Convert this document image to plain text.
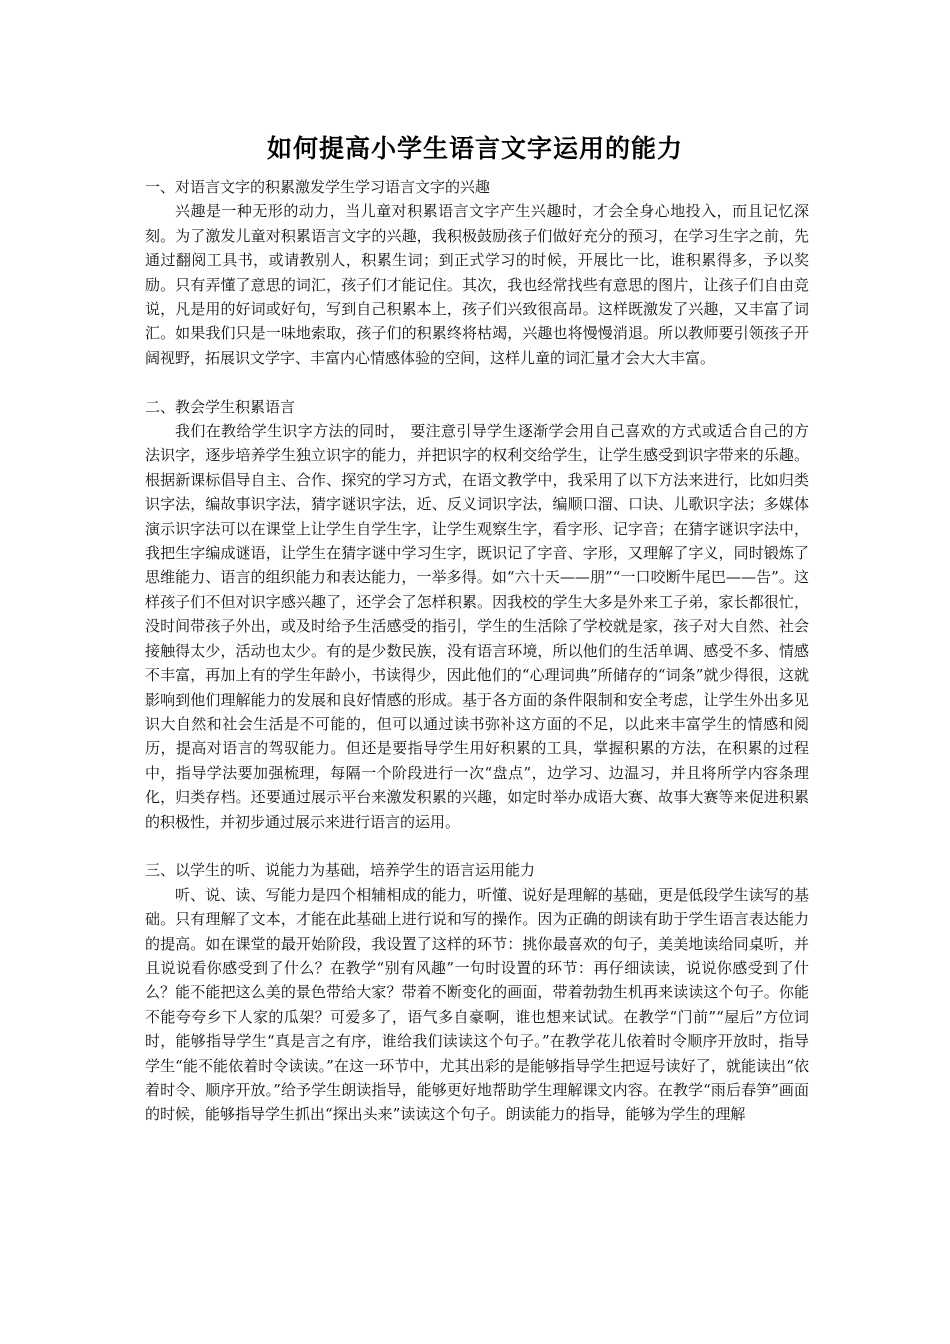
如何提高小学生语言文字运用的能力

一、对语言文字的积累激发学生学习语言文字的兴趣

兴趣是一种无形的动力，当儿童对积累语言文字产生兴趣时，才会全身心地投入，而且记忆深刻。为了激发儿童对积累语言文字的兴趣，我积极鼓励孩子们做好充分的预习，在学习生字之前，先通过翻阅工具书，或请教别人，积累生词；到正式学习的时候，开展比一比，谁积累得多，予以奖励。只有弄懂了意思的词汇，孩子们才能记住。其次，我也经常找些有意思的图片，让孩子们自由竞说，凡是用的好词或好句，写到自己积累本上，孩子们兴致很高昂。这样既激发了兴趣，又丰富了词汇。如果我们只是一味地索取，孩子们的积累终将枯竭，兴趣也将慢慢消退。所以教师要引领孩子开阔视野，拓展识文学字、丰富内心情感体验的空间，这样儿童的词汇量才会大大丰富。

二、教会学生积累语言

我们在教给学生识字方法的同时， 要注意引导学生逐渐学会用自己喜欢的方式或适合自己的方法识字，逐步培养学生独立识字的能力，并把识字的权利交给学生，让学生感受到识字带来的乐趣。根据新课标倡导自主、合作、探究的学习方式，在语文教学中，我采用了以下方法来进行，比如归类识字法，编故事识字法，猜字谜识字法，近、反义词识字法，编顺口溜、口诀、儿歌识字法；多媒体演示识字法可以在课堂上让学生自学生字，让学生观察生字，看字形、记字音；在猜字谜识字法中，我把生字编成谜语，让学生在猜字谜中学习生字，既识记了字音、字形，又理解了字义，同时锻炼了思维能力、语言的组织能力和表达能力，一举多得。如“六十天——朋”“一口咬断牛尾巴——告”。这样孩子们不但对识字感兴趣了，还学会了怎样积累。因我校的学生大多是外来工子弟，家长都很忙，没时间带孩子外出，或及时给予生活感受的指引，学生的生活除了学校就是家，孩子对大自然、社会接触得太少，活动也太少。有的是少数民族，没有语言环境，所以他们的生活单调、感受不多、情感不丰富，再加上有的学生年龄小，书读得少，因此他们的“心理词典”所储存的“词条”就少得很，这就影响到他们理解能力的发展和良好情感的形成。基于各方面的条件限制和安全考虑，让学生外出多见识大自然和社会生活是不可能的，但可以通过读书弥补这方面的不足，以此来丰富学生的情感和阅历，提高对语言的驾驭能力。但还是要指导学生用好积累的工具，掌握积累的方法，在积累的过程中，指导学法要加强梳理，每隔一个阶段进行一次“盘点”，边学习、边温习，并且将所学内容条理化，归类存档。还要通过展示平台来激发积累的兴趣，如定时举办成语大赛、故事大赛等来促进积累的积极性，并初步通过展示来进行语言的运用。

三、以学生的听、说能力为基础，培养学生的语言运用能力

听、说、读、写能力是四个相辅相成的能力，听懂、说好是理解的基础，更是低段学生读写的基础。只有理解了文本，才能在此基础上进行说和写的操作。因为正确的朗读有助于学生语言表达能力的提高。如在课堂的最开始阶段，我设置了这样的环节：挑你最喜欢的句子，美美地读给同桌听，并且说说看你感受到了什么？在教学“别有风趣”一句时设置的环节：再仔细读读，说说你感受到了什么？能不能把这么美的景色带给大家？带着不断变化的画面，带着勃勃生机再来读读这个句子。你能不能夸夸乡下人家的瓜架？可爱多了，语气多自豪啊，谁也想来试试。在教学“门前”“屋后”方位词时，能够指导学生“真是言之有序，谁给我们读读这个句子。”在教学花儿依着时令顺序开放时，指导学生“能不能依着时令读读。”在这一环节中，尤其出彩的是能够指导学生把逗号读好了，就能读出“依着时令、顺序开放。”给予学生朗读指导，能够更好地帮助学生理解课文内容。在教学“雨后春笋”画面的时候，能够指导学生抓出“探出头来”读读这个句子。朗读能力的指导，能够为学生的理解
